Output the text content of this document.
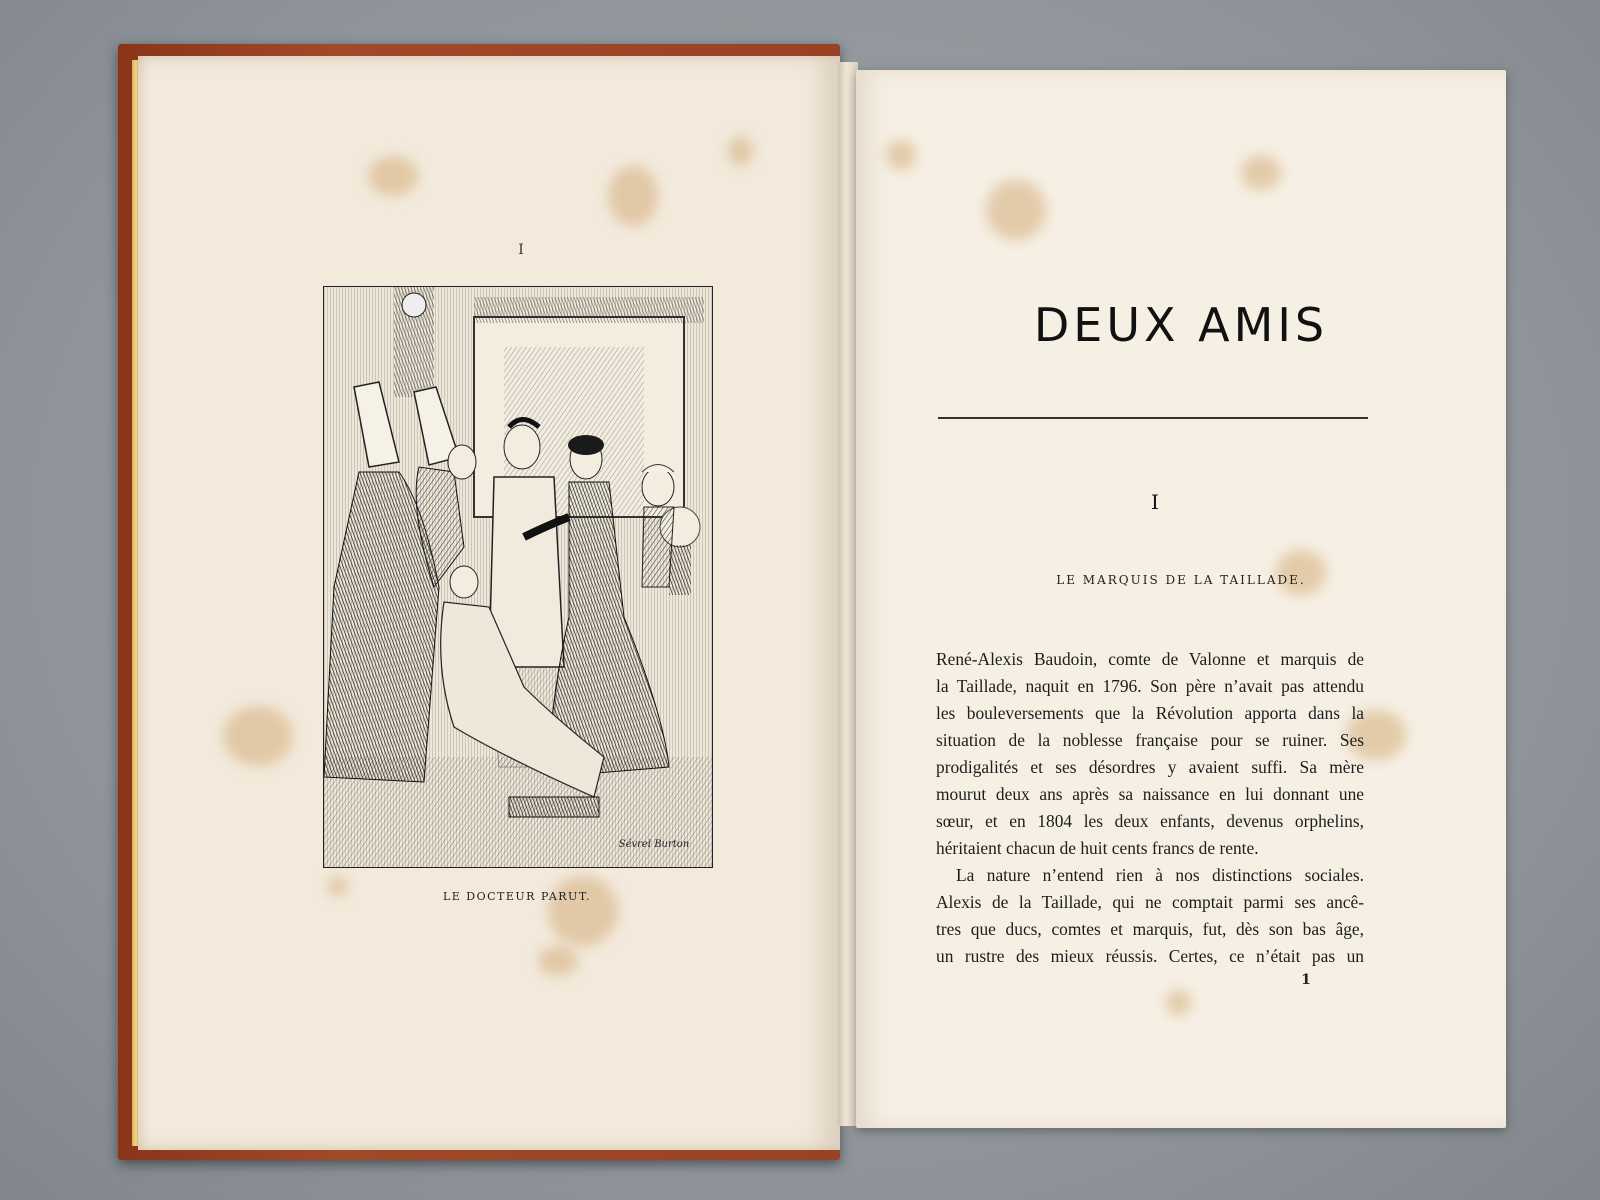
I
Sévrel Burton
LE DOCTEUR PARUT.
DEUX AMIS
I
LE MARQUIS DE LA TAILLADE.
René-Alexis Baudoin, comte de Valonne et marquis de
la Taillade, naquit en 1796. Son père n’avait pas attendu
les bouleversements que la Révolution apporta dans la
situation de la noblesse française pour se ruiner. Ses
prodigalités et ses désordres y avaient suffi. Sa mère
mourut deux ans après sa naissance en lui donnant une
sœur, et en 1804 les deux enfants, devenus orphelins,
héritaient chacun de huit cents francs de rente.
La nature n’entend rien à nos distinctions sociales.
Alexis de la Taillade, qui ne comptait parmi ses ancê-
tres que ducs, comtes et marquis, fut, dès son bas âge,
un rustre des mieux réussis. Certes, ce n’était pas un
1
